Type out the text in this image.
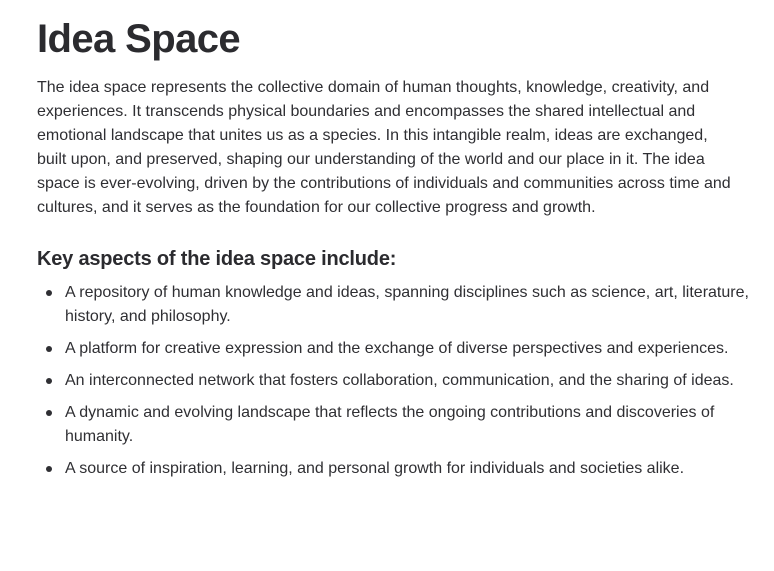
Idea Space

The idea space represents the collective domain of human thoughts, knowledge, creativity, and experiences. It transcends physical boundaries and encompasses the shared intellectual and emotional landscape that unites us as a species. In this intangible realm, ideas are exchanged, built upon, and preserved, shaping our understanding of the world and our place in it. The idea space is ever-evolving, driven by the contributions of individuals and communities across time and cultures, and it serves as the foundation for our collective progress and growth.

Key aspects of the idea space include:
A repository of human knowledge and ideas, spanning disciplines such as science, art, literature, history, and philosophy.
A platform for creative expression and the exchange of diverse perspectives and experiences.
An interconnected network that fosters collaboration, communication, and the sharing of ideas.
A dynamic and evolving landscape that reflects the ongoing contributions and discoveries of humanity.
A source of inspiration, learning, and personal growth for individuals and societies alike.
